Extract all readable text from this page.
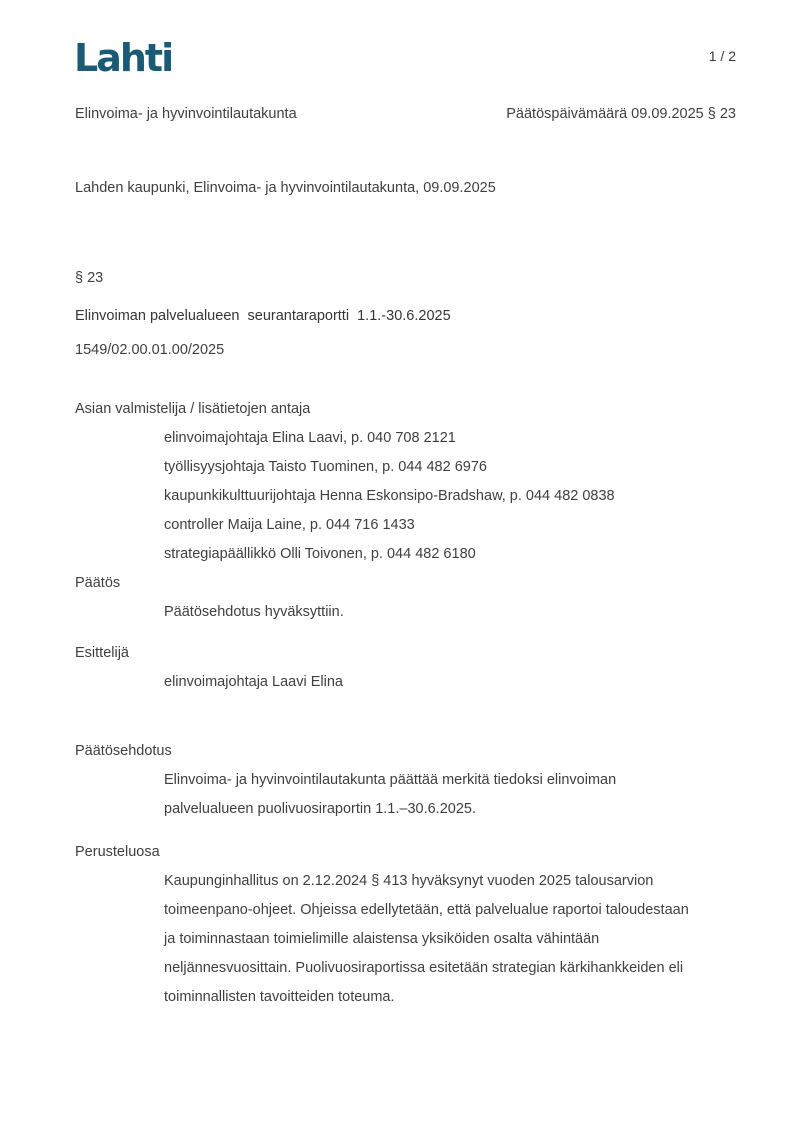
Lahti	1 / 2
Elinvoima- ja hyvinvointilautakunta	Päätöspäivämäärä 09.09.2025 § 23
Lahden kaupunki, Elinvoima- ja hyvinvointilautakunta, 09.09.2025
§ 23
Elinvoiman palvelualueen  seurantaraportti  1.1.-30.6.2025
1549/02.00.01.00/2025
Asian valmistelija / lisätietojen antaja
elinvoimajohtaja Elina Laavi, p. 040 708 2121
työllisyysjohtaja Taisto Tuominen, p. 044 482 6976
kaupunkikulttuurijohtaja Henna Eskonsipo-Bradshaw, p. 044 482 0838
controller Maija Laine, p. 044 716 1433
strategiapäällikkö Olli Toivonen, p. 044 482 6180
Päätös
Päätösehdotus hyväksyttiin.
Esittelijä
elinvoimajohtaja Laavi Elina
Päätösehdotus
Elinvoima- ja hyvinvointilautakunta päättää merkitä tiedoksi elinvoiman
palvelualueen puolivuosiraportin 1.1.–30.6.2025.
Perusteluosa
Kaupunginhallitus on 2.12.2024 § 413 hyväksynyt vuoden 2025 talousarvion
toimeenpano-ohjeet. Ohjeissa edellytetään, että palvelualue raportoi taloudestaan
ja toiminnastaan toimielimille alaistensa yksiköiden osalta vähintään
neljännesvuosittain. Puolivuosiraportissa esitetään strategian kärkihankkeiden eli
toiminnallisten tavoitteiden toteuma.
